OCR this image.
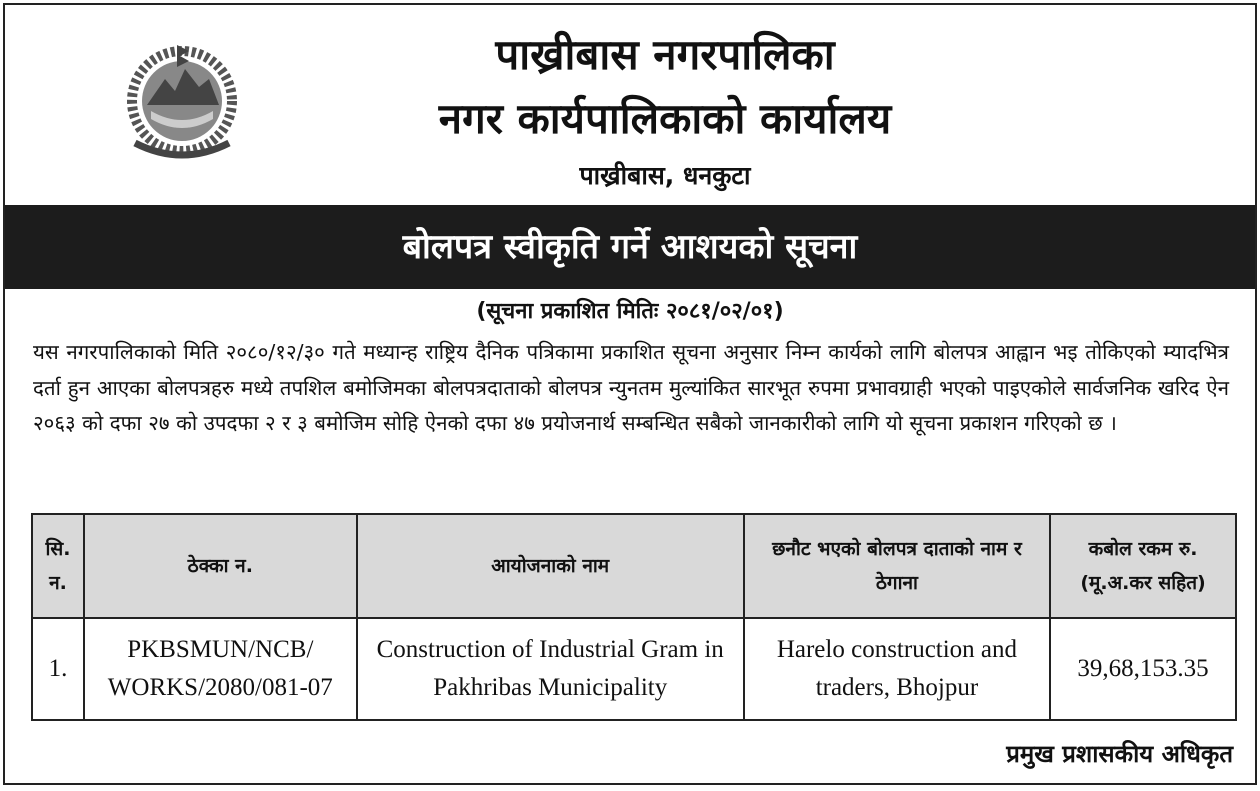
पाख्रीबास नगरपालिका
नगर कार्यपालिकाको कार्यालय
पाख्रीबास, धनकुटा
बोलपत्र स्वीकृति गर्ने आशयको सूचना
(सूचना प्रकाशित मितिः २०८१/०२/०१)
यस नगरपालिकाको मिति २०८०/१२/३० गते मध्यान्ह राष्ट्रिय दैनिक पत्रिकामा प्रकाशित सूचना अनुसार निम्न कार्यको लागि बोलपत्र आह्वान भइ तोकिएको म्यादभित्र दर्ता हुन आएका बोलपत्रहरु मध्ये तपशिल बमोजिमका बोलपत्रदाताको बोलपत्र न्युनतम मुल्यांकित सारभूत रुपमा प्रभावग्राही भएको पाइएकोले सार्वजनिक खरिद ऐन २०६३ को दफा २७ को उपदफा २ र ३ बमोजिम सोहि ऐनको दफा ४७ प्रयोजनार्थ सम्बन्धित सबैको जानकारीको लागि यो सूचना प्रकाशन गरिएको छ ।
सि. न.	ठेक्का न.	आयोजनाको नाम	छनौट भएको बोलपत्र दाताको नाम र ठेगाना	कबोल रकम रु. (मू.अ.कर सहित)
1.	PKBSMUN/NCB/ WORKS/2080/081-07	Construction of Industrial Gram in Pakhribas Municipality	Harelo construction and traders, Bhojpur	39,68,153.35
प्रमुख प्रशासकीय अधिकृत
